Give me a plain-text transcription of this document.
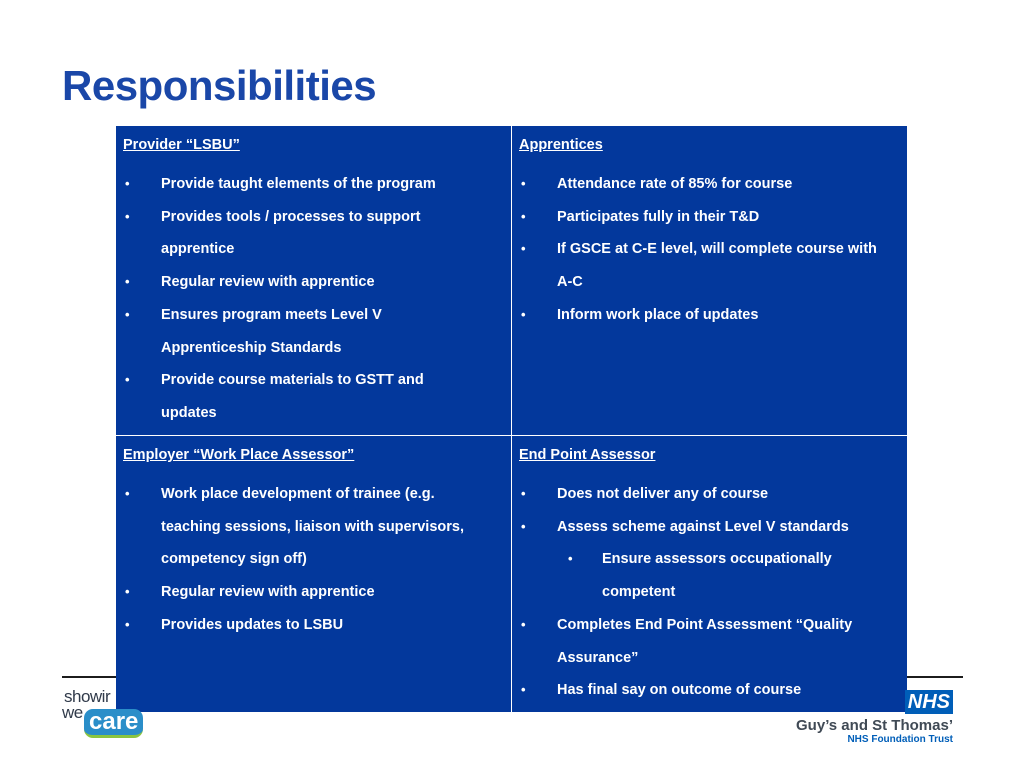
Responsibilities
Provider “LSBU”
• Provide taught elements of the program
• Provides tools / processes to support
apprentice
• Regular review with apprentice
• Ensures program meets Level V
Apprenticeship Standards
• Provide course materials to GSTT and
updates
Apprentices
• Attendance rate of 85% for course
• Participates fully in their T&D
• If GSCE at C-E level, will complete course with
A-C
• Inform work place of updates
Employer “Work Place Assessor”
• Work place development of trainee (e.g.
teaching sessions, liaison with supervisors,
competency sign off)
• Regular review with apprentice
• Provides updates to LSBU
End Point Assessor
• Does not deliver any of course
• Assess scheme against Level V standards
• Ensure assessors occupationally
competent
• Completes End Point Assessment “Quality
Assurance”
• Has final say on outcome of course
showir
we care
NHS
Guy’s and St Thomas’
NHS Foundation Trust
